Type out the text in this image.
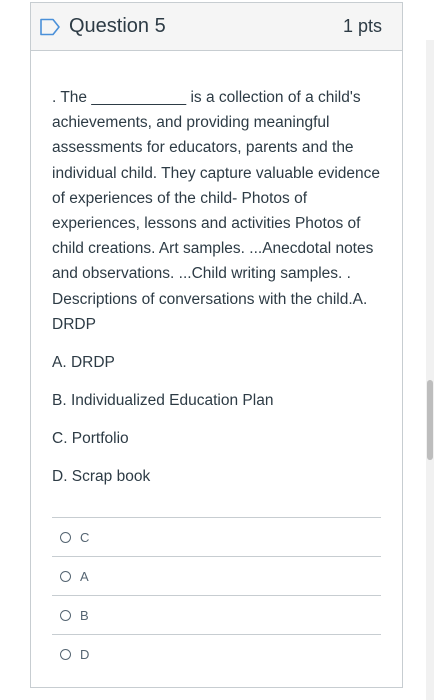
Question 5	1 pts

. The ___________ is a collection of a child's achievements, and providing meaningful assessments for educators, parents and the individual child. They capture valuable evidence of experiences of the child- Photos of experiences, lessons and activities Photos of child creations. Art samples. ...Anecdotal notes and observations. ...Child writing samples. . Descriptions of conversations with the child.A. DRDP

A. DRDP
B. Individualized Education Plan
C. Portfolio
D. Scrap book
C
A
B
D
